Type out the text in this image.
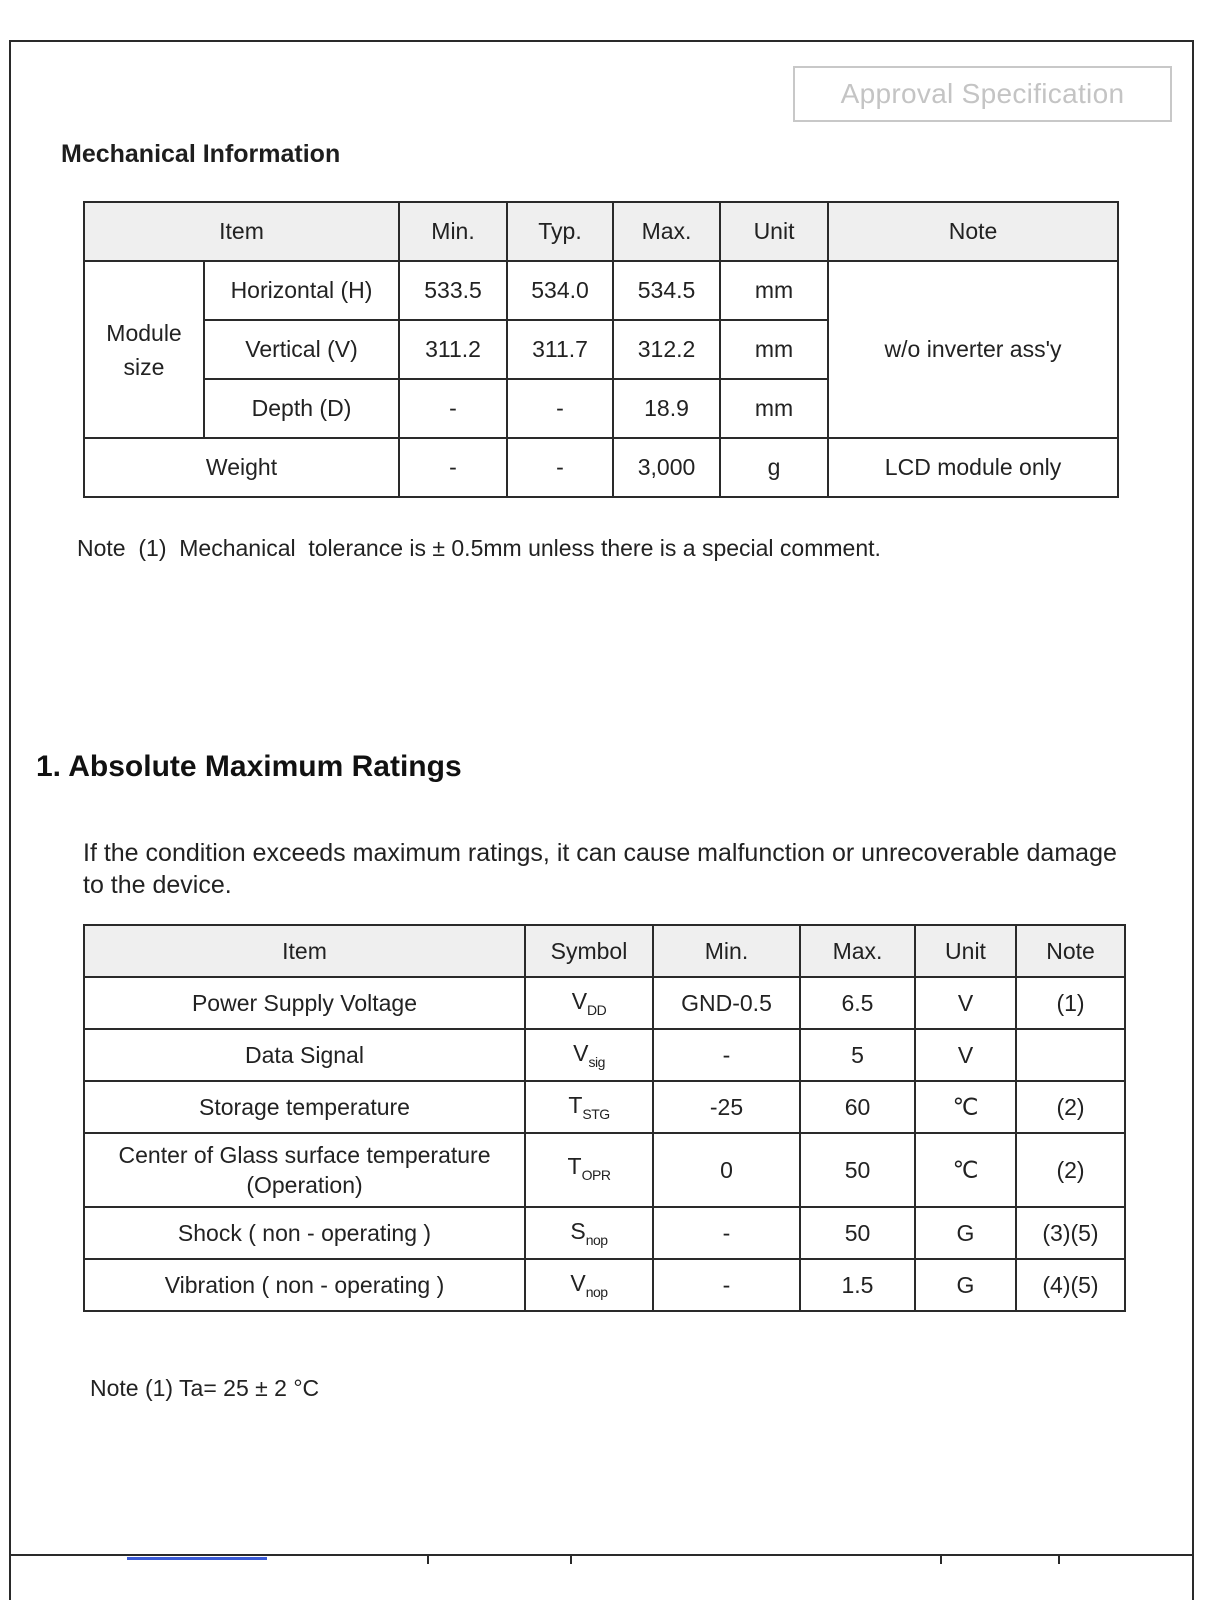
Approval Specification
Mechanical Information
Item		Min.	Typ.	Max.	Unit	Note
Module size	Horizontal (H)	533.5	534.0	534.5	mm	w/o inverter ass'y
	Vertical (V)	311.2	311.7	312.2	mm	
	Depth (D)	-	-	18.9	mm	
Weight		-	-	3,000	g	LCD module only
Note  (1)  Mechanical  tolerance is ± 0.5mm unless there is a special comment.
1. Absolute Maximum Ratings
If the condition exceeds maximum ratings, it can cause malfunction or unrecoverable damage to the device.
Item	Symbol	Min.	Max.	Unit	Note
Power Supply Voltage	$V_{DD}$	GND-0.5	6.5	V	(1)
Data Signal	$V_{sig}$	-	5	V	
Storage temperature	$T_{STG}$	-25	60	℃	(2)

Center of Glass surface temperature
(Operation)	$T_{OPR}$	0	50	℃	(2)
Shock ( non - operating )	$S_{nop}$	-	50	G	(3)(5)
Vibration ( non - operating )	$V_{nop}$	-	1.5	G	(4)(5)
Note (1) Ta= 25 ± 2 °C
